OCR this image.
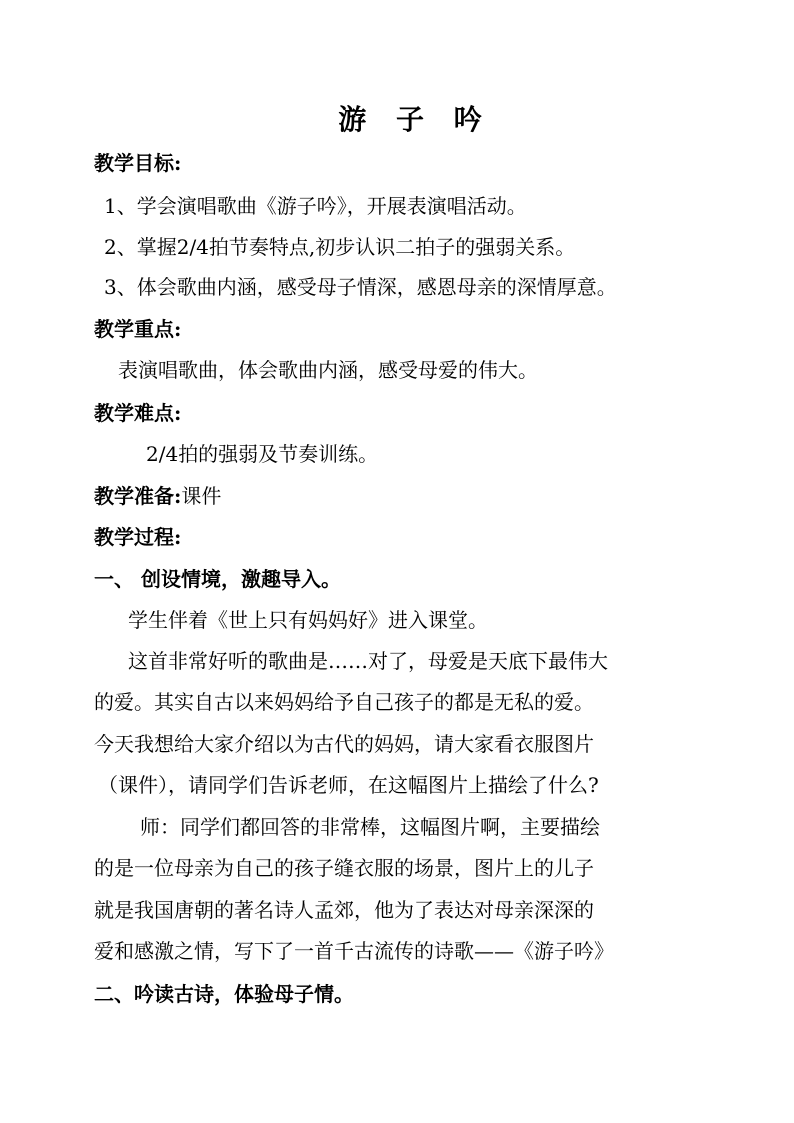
游 子 吟
教学目标:
1、学会演唱歌曲《游子吟》，开展表演唱活动。
2、掌握2/4拍节奏特点,初步认识二拍子的强弱关系。
3、体会歌曲内涵，感受母子情深，感恩母亲的深情厚意。
教学重点:
表演唱歌曲，体会歌曲内涵，感受母爱的伟大。
教学难点:
2/4拍的强弱及节奏训练。
教学准备:课件
教学过程:
一、 创设情境，激趣导入。
学生伴着《世上只有妈妈好》进入课堂。
这首非常好听的歌曲是……对了，母爱是天底下最伟大
的爱。其实自古以来妈妈给予自己孩子的都是无私的爱。
今天我想给大家介绍以为古代的妈妈，请大家看衣服图片
（课件），请同学们告诉老师，在这幅图片上描绘了什么?
师：同学们都回答的非常棒，这幅图片啊，主要描绘
的是一位母亲为自己的孩子缝衣服的场景，图片上的儿子
就是我国唐朝的著名诗人孟郊，他为了表达对母亲深深的
爱和感激之情，写下了一首千古流传的诗歌——《游子吟》
二、吟读古诗，体验母子情。
